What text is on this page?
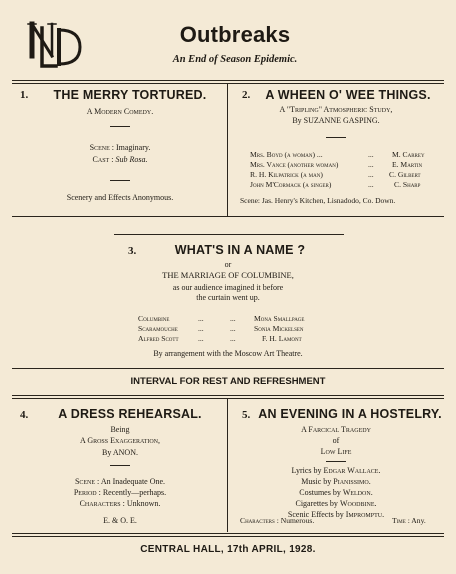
Outbreaks
An End of Season Epidemic.
1.	THE MERRY TORTURED.
A Modern Comedy.
Scene : Imaginary.
Cast : Sub Rosa.
Scenery and Effects Anonymous.
2.	A WHEEN O' WEE THINGS.
A "Tripling" Atmospheric Study,
By SUZANNE GASPING.
Mrs. Boyd (a woman) ...	... M. Carrey
Mrs. Vance (another woman)	... E. Martin
R. H. Kilpatrick (a man)	... C. Gilbert
John M'Cormack (a singer)	...	C. Sharp
Scene: Jas. Henry's Kitchen, Lisnadodo, Co. Down.
3.	WHAT'S IN A NAME ?
or
THE MARRIAGE OF COLUMBINE,
as our audience imagined it before
the curtain went up.
Columbine	...	... Mona Smallpage
Scaramouche	...	... Sonia Mickelsen
Alfred Scott	...	...	F. H. Lamont
By arrangement with the Moscow Art Theatre.
INTERVAL FOR REST AND REFRESHMENT
4.	A DRESS REHEARSAL.
Being
A Gross Exaggeration,
By ANON.
Scene : An Inadequate One.
Period : Recently—perhaps.
Characters : Unknown.
E. & O. E.
5. AN EVENING IN A HOSTELRY.
A Farcical Tragedy
of
Low Life
Lyrics by Edgar Wallace.
Music by Pianissimo.
Costumes by Weldon.
Cigarettes by Woodbine.
Scenic Effects by Impromptu.
Characters : Numerous.	Time : Any.
CENTRAL HALL, 17th APRIL, 1928.
